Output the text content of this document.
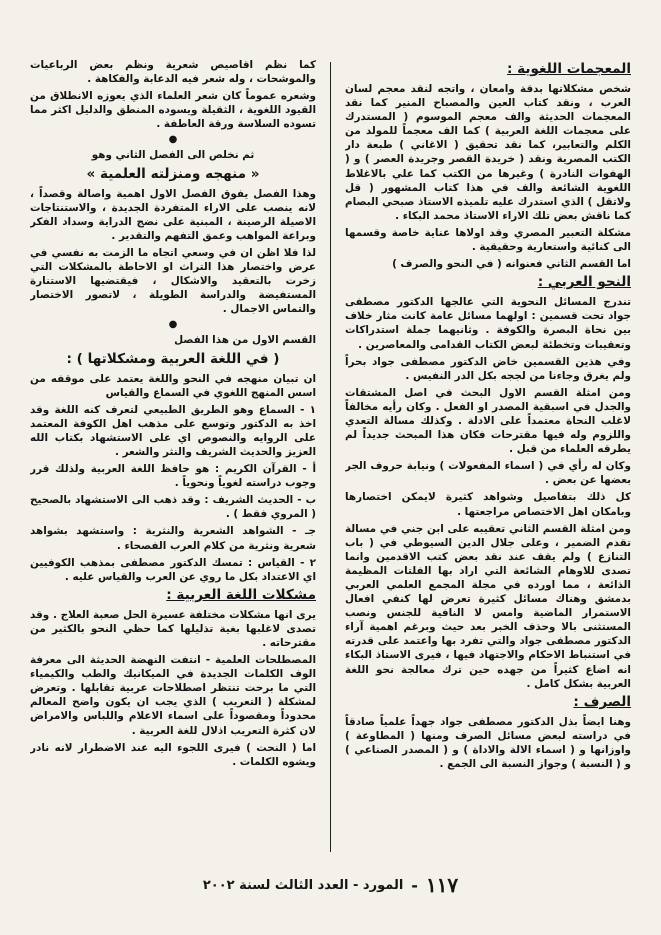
المعجمات اللغوية :

شخص مشكلاتها بدقة وامعان ، واتجه لنقد معجم لسان العرب ، ونقد كتاب العين والمصباح المنير كما نقد المعجمات الحديثة والف معجم الموسوم ( المستدرك على معجمات اللغة العربية ) كما الف معجماً للمولد من الكلم والتعابير، كما نقد تحقيق ( الاغاني ) طبعة دار الكتب المصرية ونقد ( خريدة القصر وجريدة العصر ) و ( الهفوات النادرة ) وغيرها من الكتب كما علي بالاغلاط اللغوية الشائعة والف في هذا كتاب المشهور ( قل ولاتقل ) الذي استدرك عليه تلميذه الاستاذ صبحي البصام كما ناقش بعض تلك الاراء الاستاذ محمد البكاء .

مشكلة التعبير المصري وقد اولاها عناية خاصة وقسمها الى كنائية واستعارية وحقيقية .

اما القسم الثاني فعنوانه ( في النحو والصرف )

النحو العربي :

تندرج المسائل النحوية التي عالجها الدكتور مصطفى جواد تحت قسمين : اولهما مسائل عامة كانت مثار خلاف بين نحاة البصرة والكوفة . وثانيهما جملة استدراكات وتعقيبات وتخطئة لبعض الكتاب القدامى والمعاصرين .

وفي هذين القسمين خاض الدكتور مصطفى جواد بحراً ولم يغرق وجاءنا من لججه بكل الدر النفيس .

ومن امثلة القسم الاول البحث في اصل المشتقات والجدل في اسبقية المصدر او الفعل . وكان رأيه مخالفاً لاغلب النحاة معتمداً على الادلة . وكذلك مسالة التعدي واللزوم وله فيها مقترحات فكان هذا المبحث جديداً لم يطرقه العلماء من قبل .

وكان له رأي في ( اسماء المفعولات ) ونيابة حروف الجر بعضها عن بعض .

كل ذلك بتفاصيل وشواهد كثيرة لايمكن اختصارها وبامكان اهل الاختصاص مراجعتها .

ومن امثلة القسم الثاني تعقيبه على ابن جني في مسالة تقدم الضمير ، وعلى جلال الدين السيوطي في ( باب التنازع ) ولم يقف عند نقد بعض كتب الاقدمين وانما تصدى للاوهام الشائعة التي اراد بها الفلتات المظيمة الذائعة ، مما اورده في مجلة المجمع العلمي العربي بدمشق وهناك مسائل كثيرة تعرض لها كنفي افعال الاستمرار الماضية وامس لا النافية للجنس ونصب المستثنى بالا وحذف الخبر بعد حيث وبرغم اهمية آراء الدكتور مصطفى جواد والتي تفرد بها واعتمد على قدرته في استنباط الاحكام والاجتهاد فيها ، فيرى الاستاذ البكاء انه اضاع كثيراً من جهده حين ترك معالجة نحو اللغة العربية بشكل كامل .

الصرف :

وهنا ايضاً بذل الدكتور مصطفى جواد جهداً علمياً صادقاً في دراسته لبعض مسائل الصرف ومنها ( المطاوعة ) واوزانها و ( اسماء الالة والاداة ) و ( المصدر الصناعي ) و ( النسبة ) وجواز النسبة الى الجمع .

كما نظم اقاصيص شعرية ونظم بعض الرباعيات والموشحات ، وله شعر فيه الدعابة والفكاهة .

وشعره عموماً كان شعر العلماء الذي يعوزه الانطلاق من القيود اللغوية ، الثقيلة ويسوده المنطق والدليل اكثر مما تسوده السلاسة ورقة العاطفة .

●

ثم نخلص الى الفصل الثاني وهو

« منهجه ومنزلته العلمية »

وهذا الفصل يفوق الفصل الاول اهمية واصالة وقصداً ، لانه ينصب على الاراء المتفردة الجديدة ، والاستنتاجات الاصيلة الرصينة ، المبنية على نضج الدراية وسداد الفكر وبراعة المواهب وعمق التفهم والتقدير .

لذا فلا اظن ان في وسعي اتجاه ما الزمت به نفسي في عرض واختصار هذا التراث او الاحاطة بالمشكلات التي زخرت بالتعقيد والاشكال ، فيقتضيها الاستنارة المستفيضة والدراسة الطويلة ، لاتصور الاختصار والتماس الاجمال .

●

القسم الاول من هذا الفصل

( في اللغة العربية ومشكلاتها ) :

ان تبيان منهجه في النحو واللغة يعتمد على موقفه من اسس المنهج اللغوي في السماع والقياس

١ - السماع وهو الطريق الطبيعي لتعرف كنه اللغة وقد اخذ به الدكتور وتوسع على مذهب اهل الكوفة المعتمد على الروايه والنصوص اي على الاستشهاد بكتاب الله العزيز والحديث الشريف والنثر والشعر .

أ - القرآن الكريم : هو حافظ اللغة العربية ولذلك قرر وجوب دراسته لغوياً ونحوياً .

ب - الحديث الشريف : وقد ذهب الى الاستشهاد بالصحيح ( المروي فقط ) .

جـ - الشواهد الشعرية والنثرية : واستشهد بشواهد شعرية ونثرية من كلام العرب الفصحاء .

٢ - القياس : تمسك الدكتور مصطفى بمذهب الكوفيين اي الاعتداد بكل ما روي عن العرب والقياس عليه .

مشكلات اللغة العربية :

يرى انها مشكلات مختلفة عسيرة الحل صعبة العلاج . وقد تصدى لاغلبها بغية تذليلها كما حظي النحو بالكثير من مقترحاته .

المصطلحات العلمية - انتفت النهضة الحديثة الى معرفة الوف الكلمات الجديدة في الميكانيك والطب والكيمياء التي ما برحت تنتظر اصطلاحات عربية تقابلها . وتعرض لمشكلة ( التعريب ) الذي يجب ان يكون واضح المعالم محدوداً ومقصوداً على اسماء الاعلام واللباس والامراض لان كثرة التعريب اذلال للغة العربية .

اما ( النحت ) فيرى اللجوء اليه عند الاضطرار لانه نادر ويشوه الكلمات .

١١٧
-
المورد - العدد الثالث لسنة ٢٠٠٢
